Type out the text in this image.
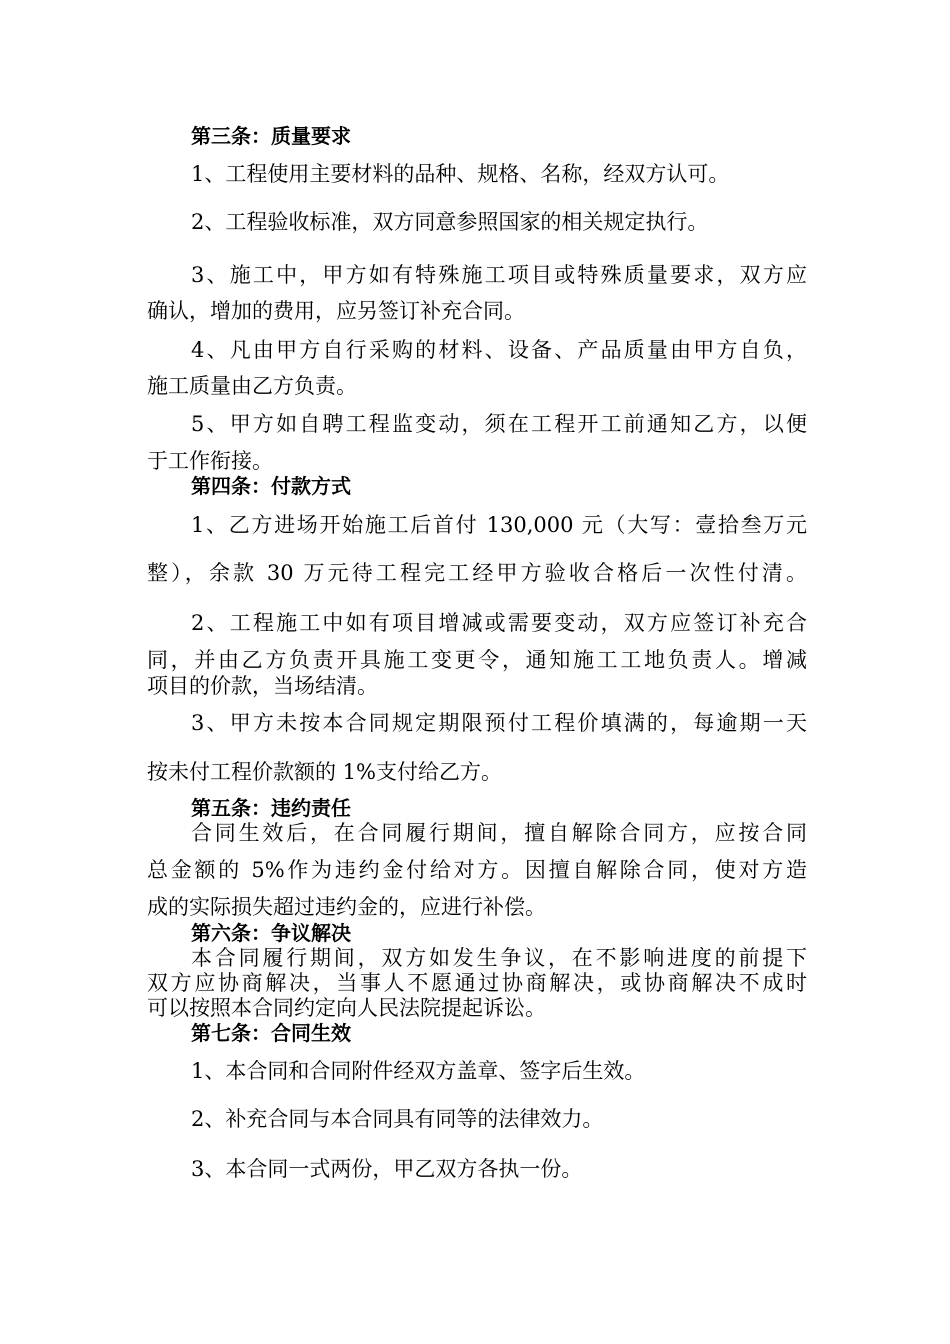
第三条：质量要求
1、工程使用主要材料的品种、规格、名称，经双方认可。
2、工程验收标准，双方同意参照国家的相关规定执行。
3、施工中，甲方如有特殊施工项目或特殊质量要求，双方应
确认，增加的费用，应另签订补充合同。
4、凡由甲方自行采购的材料、设备、产品质量由甲方自负，
施工质量由乙方负责。
5、甲方如自聘工程监变动，须在工程开工前通知乙方，以便
于工作衔接。
第四条：付款方式
1、乙方进场开始施工后首付 130,000 元（大写：壹拾叁万元
整），余款 30 万元待工程完工经甲方验收合格后一次性付清。
2、工程施工中如有项目增减或需要变动，双方应签订补充合
同，并由乙方负责开具施工变更令，通知施工工地负责人。增减
项目的价款，当场结清。
3、甲方未按本合同规定期限预付工程价填满的，每逾期一天
按未付工程价款额的 1%支付给乙方。
第五条：违约责任
合同生效后，在合同履行期间，擅自解除合同方，应按合同
总金额的 5%作为违约金付给对方。因擅自解除合同，使对方造
成的实际损失超过违约金的，应进行补偿。
第六条：争议解决
本合同履行期间，双方如发生争议，在不影响进度的前提下
双方应协商解决，当事人不愿通过协商解决，或协商解决不成时
可以按照本合同约定向人民法院提起诉讼。
第七条：合同生效
1、本合同和合同附件经双方盖章、签字后生效。
2、补充合同与本合同具有同等的法律效力。
3、本合同一式两份，甲乙双方各执一份。
